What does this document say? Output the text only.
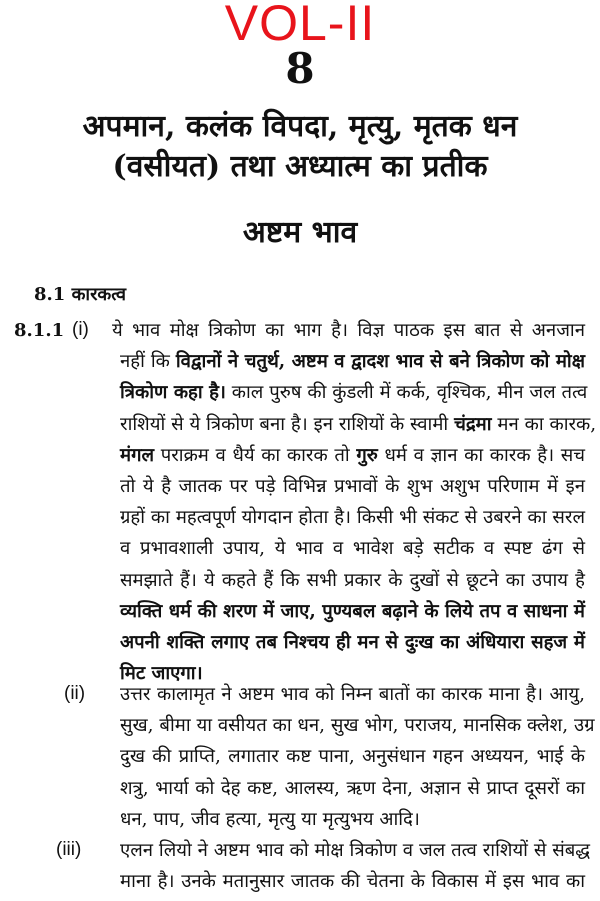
VOL-II
8
अपमान, कलंक विपदा, मृत्यु, मृतक धन
(वसीयत) तथा अध्यात्म का प्रतीक
अष्टम भाव
8.1 कारकत्व
8.1.1 (i) ये भाव मोक्ष त्रिकोण का भाग है। विज्ञ पाठक इस बात से अनजान
नहीं कि विद्वानों ने चतुर्थ, अष्टम व द्वादश भाव से बने त्रिकोण को मोक्ष
त्रिकोण कहा है। काल पुरुष की कुंडली में कर्क, वृश्चिक, मीन जल तत्व
राशियों से ये त्रिकोण बना है। इन राशियों के स्वामी चंद्रमा मन का कारक,
मंगल पराक्रम व धैर्य का कारक तो गुरु धर्म व ज्ञान का कारक है। सच
तो ये है जातक पर पड़े विभिन्न प्रभावों के शुभ अशुभ परिणाम में इन
ग्रहों का महत्वपूर्ण योगदान होता है। किसी भी संकट से उबरने का सरल
व प्रभावशाली उपाय, ये भाव व भावेश बड़े सटीक व स्पष्ट ढंग से
समझाते हैं। ये कहते हैं कि सभी प्रकार के दुखों से छूटने का उपाय है
व्यक्ति धर्म की शरण में जाए, पुण्यबल बढ़ाने के लिये तप व साधना में
अपनी शक्ति लगाए तब निश्चय ही मन से दुःख का अंधियारा सहज में
मिट जाएगा।
(ii) उत्तर कालामृत ने अष्टम भाव को निम्न बातों का कारक माना है। आयु,
सुख, बीमा या वसीयत का धन, सुख भोग, पराजय, मानसिक क्लेश, उग्र
दुख की प्राप्ति, लगातार कष्ट पाना, अनुसंधान गहन अध्ययन, भाई के
शत्रु, भार्या को देह कष्ट, आलस्य, ऋण देना, अज्ञान से प्राप्त दूसरों का
धन, पाप, जीव हत्या, मृत्यु या मृत्युभय आदि।
(iii) एलन लियो ने अष्टम भाव को मोक्ष त्रिकोण व जल तत्व राशियों से संबद्ध
माना है। उनके मतानुसार जातक की चेतना के विकास में इस भाव का
